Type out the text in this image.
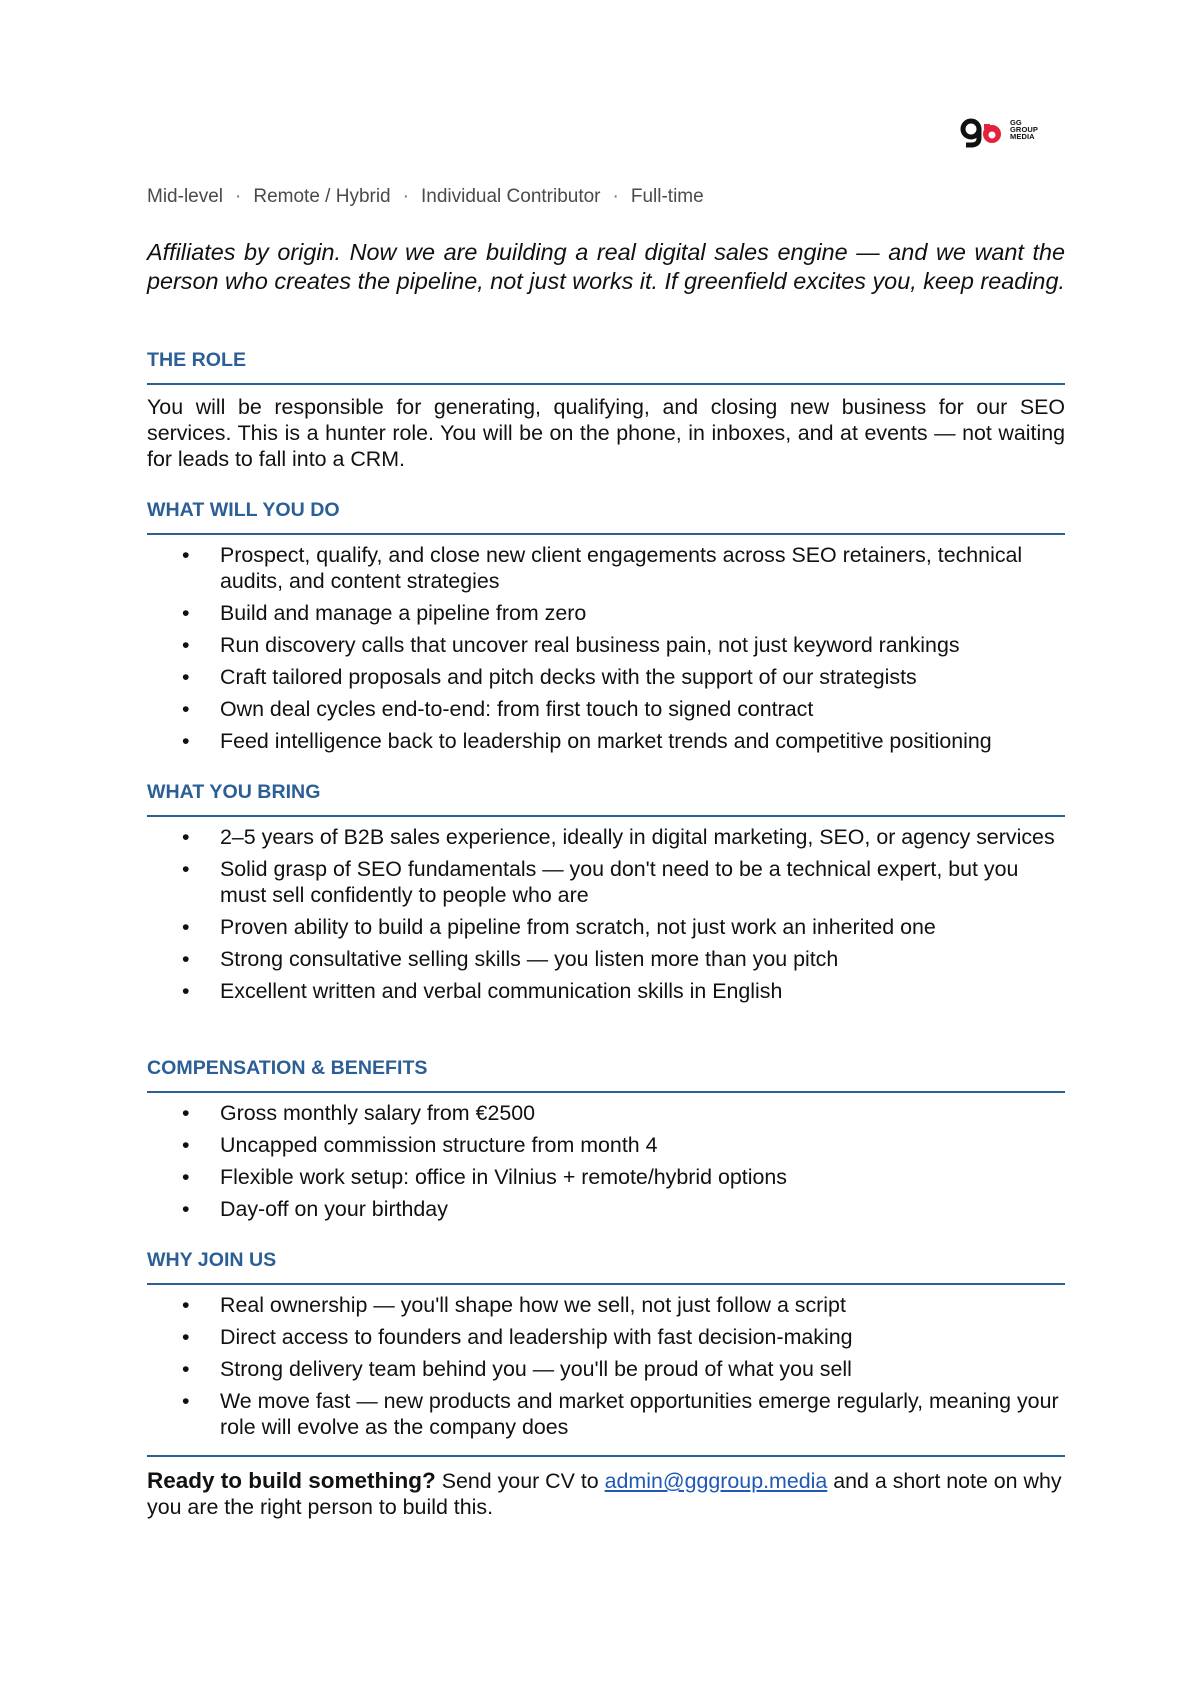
GG
GROUP
MEDIA
Mid-level · Remote / Hybrid · Individual Contributor · Full-time
Affiliates by origin. Now we are building a real digital sales engine — and we want the person who creates the pipeline, not just works it. If greenfield excites you, keep reading.
THE ROLE
You will be responsible for generating, qualifying, and closing new business for our SEO services. This is a hunter role. You will be on the phone, in inboxes, and at events — not waiting for leads to fall into a CRM.
WHAT WILL YOU DO
• Prospect, qualify, and close new client engagements across SEO retainers, technical audits, and content strategies
• Build and manage a pipeline from zero
• Run discovery calls that uncover real business pain, not just keyword rankings
• Craft tailored proposals and pitch decks with the support of our strategists
• Own deal cycles end-to-end: from first touch to signed contract
• Feed intelligence back to leadership on market trends and competitive positioning
WHAT YOU BRING
• 2–5 years of B2B sales experience, ideally in digital marketing, SEO, or agency services
• Solid grasp of SEO fundamentals — you don't need to be a technical expert, but you must sell confidently to people who are
• Proven ability to build a pipeline from scratch, not just work an inherited one
• Strong consultative selling skills — you listen more than you pitch
• Excellent written and verbal communication skills in English
COMPENSATION & BENEFITS
• Gross monthly salary from €2500
• Uncapped commission structure from month 4
• Flexible work setup: office in Vilnius + remote/hybrid options
• Day-off on your birthday
WHY JOIN US
• Real ownership — you'll shape how we sell, not just follow a script
• Direct access to founders and leadership with fast decision-making
• Strong delivery team behind you — you'll be proud of what you sell
• We move fast — new products and market opportunities emerge regularly, meaning your role will evolve as the company does
Ready to build something? Send your CV to admin@gggroup.media and a short note on why you are the right person to build this.
